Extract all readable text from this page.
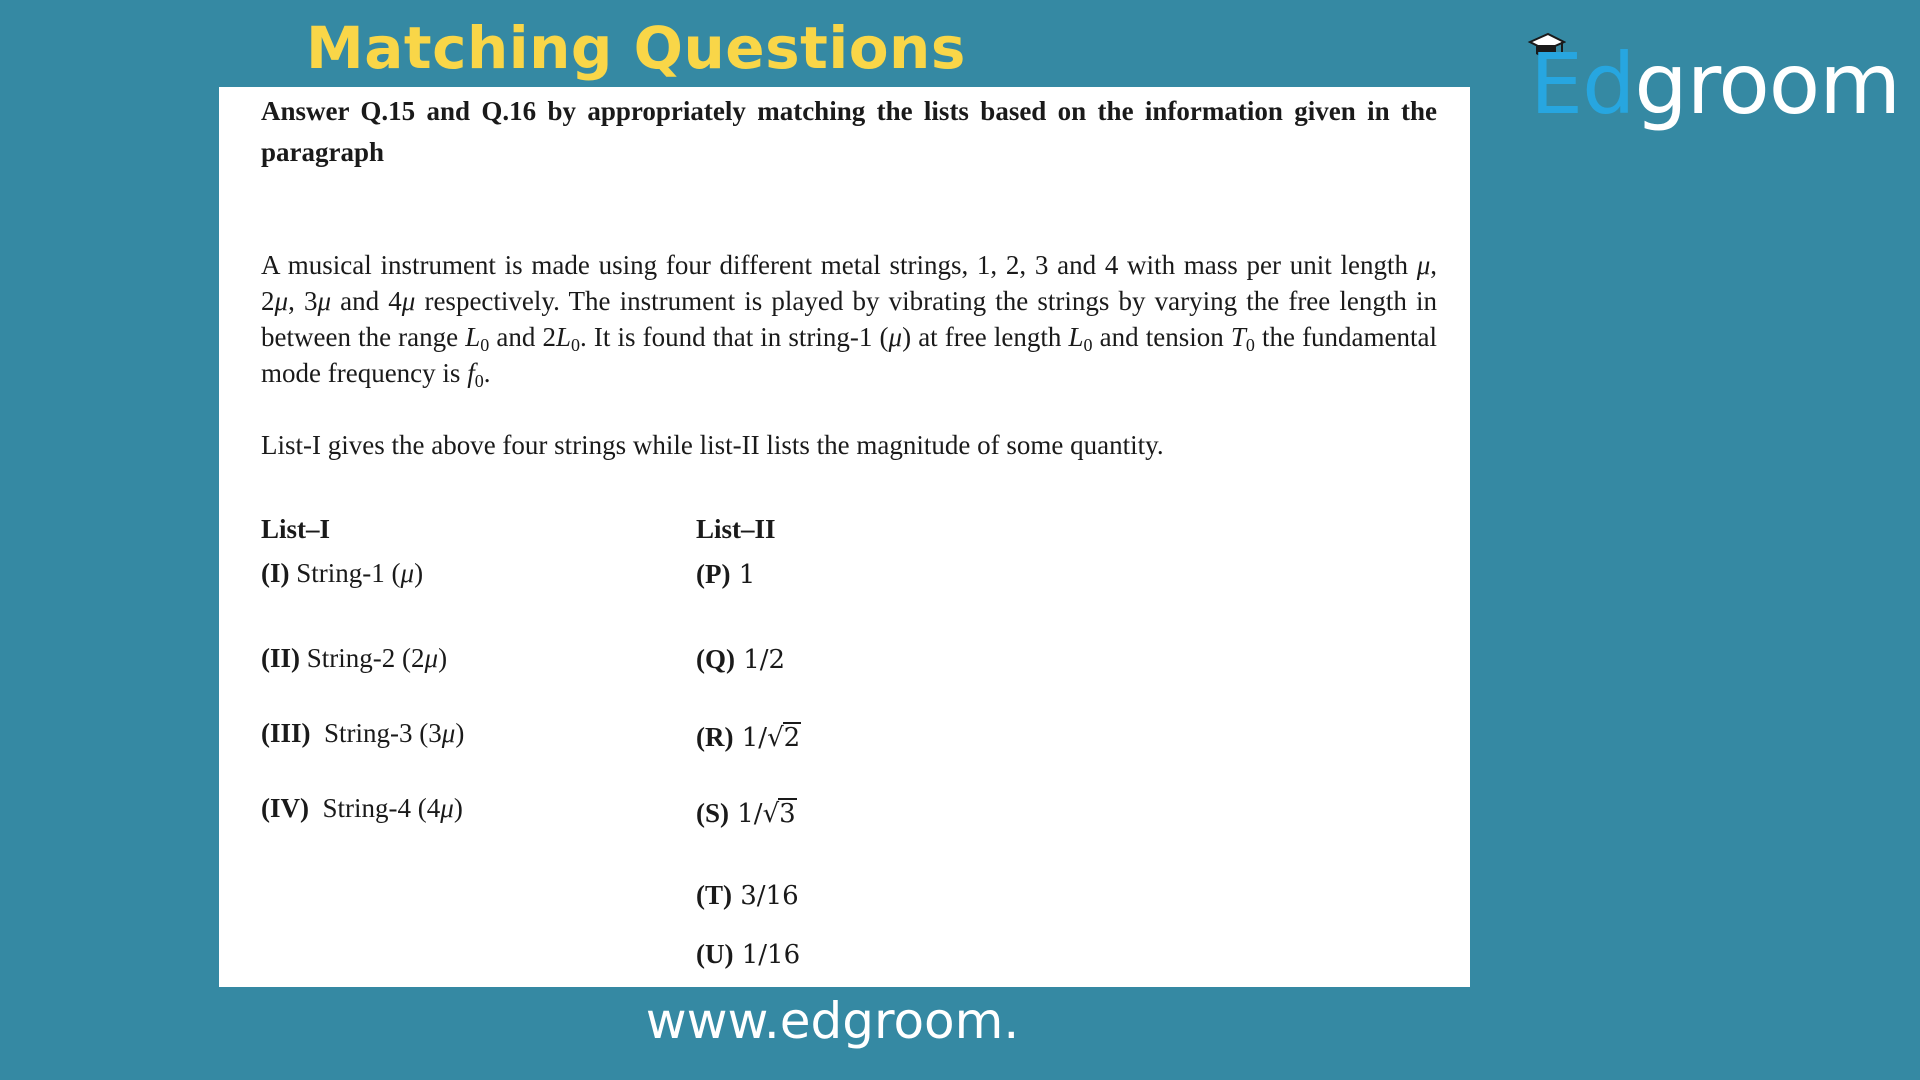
Matching Questions	Edgroom
Answer Q.15 and Q.16 by appropriately matching the lists based on the information given in the paragraph
A musical instrument is made using four different metal strings, 1, 2, 3 and 4 with mass per unit length μ, 2μ, 3μ and 4μ respectively. The instrument is played by vibrating the strings by varying the free length in between the range $L_0$ and $2L_0$. It is found that in string-1 (μ) at free length $L_0$ and tension $T_0$ the fundamental mode frequency is $f_0$.
List-I gives the above four strings while list-II lists the magnitude of some quantity.
List–I
(I) String-1 (μ)
(II) String-2 (2μ)
(III)  String-3 (3μ)
(IV)  String-4 (4μ)
List–II
(P) 1
(Q) 1/2
(R) 1/√2
(S) 1/√3
(T) 3/16
(U) 1/16
www.edgroom.
